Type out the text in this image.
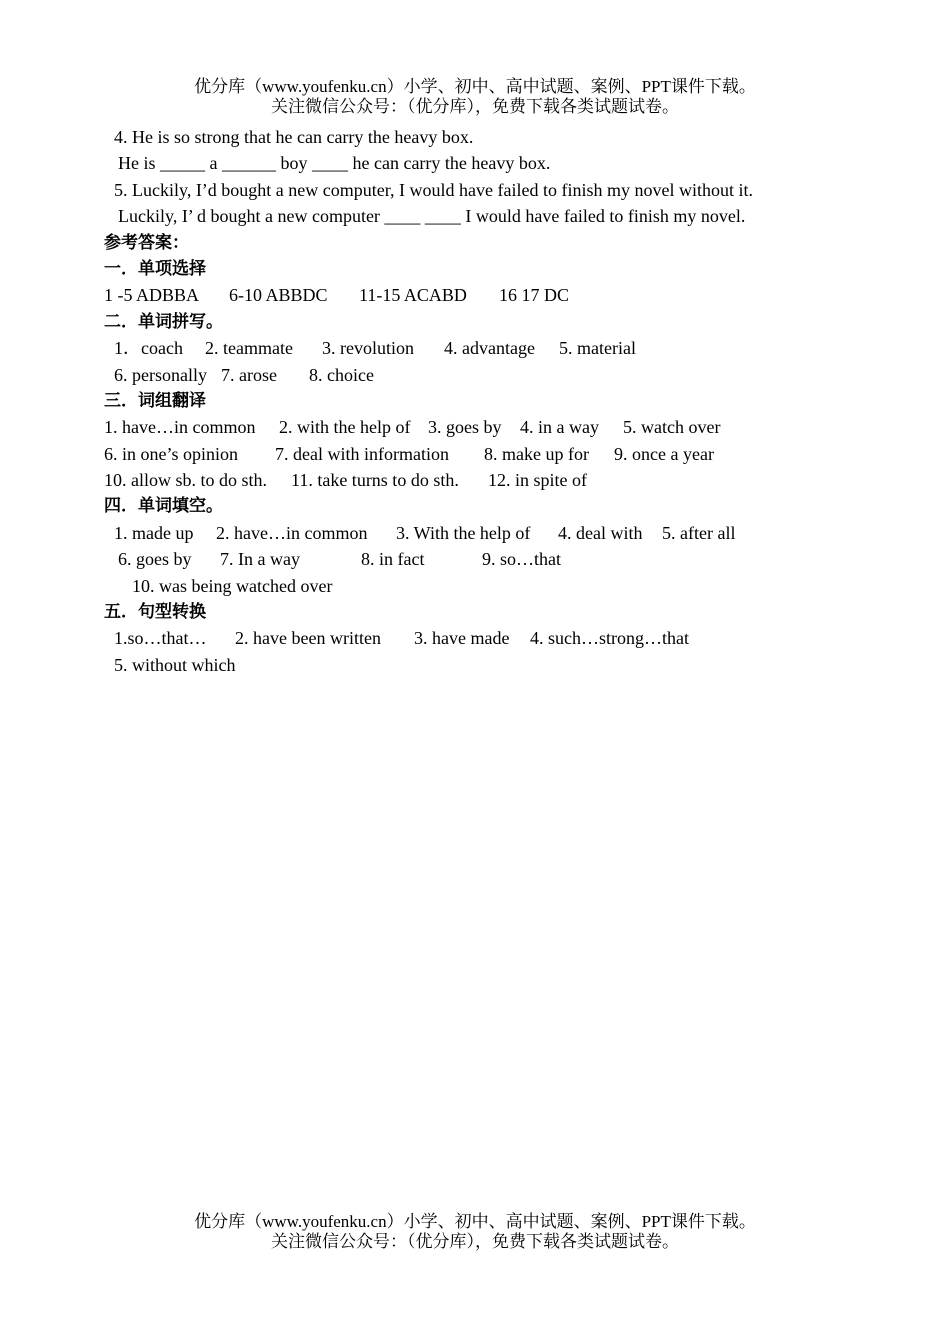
优分库（www.youfenku.cn）小学、初中、高中试题、案例、PPT课件下载。
关注微信公众号：（优分库），免费下载各类试题试卷。
4. He is so strong that he can carry the heavy box.
He is _____ a ______ boy ____ he can carry the heavy box.
5. Luckily, I’d bought a new computer, I would have failed to finish my novel without it.
Luckily, I’ d bought a new computer ____ ____ I would have failed to finish my novel.
参考答案：
一．单项选择

1 -5 ADBBA

6-10 ABBDC

11-15 ACABD

16 17 DC

二．单词拼写。

1．coach

2. teammate

3. revolution

4. advantage

5. material

6. personally

7. arose

8. choice

三．词组翻译

1. have…in common

2. with the help of

3. goes by

4. in a way

5. watch over

6. in one’s opinion

7. deal with information

8. make up for

9. once a year

10. allow sb. to do sth.

11. take turns to do sth.

12. in spite of

四．单词填空。

1. made up

2. have…in common

3. With the help of

4. deal with

5. after all

6. goes by

7. In a way

	8. in fact

	9. so…that

10. was being watched over

五．句型转换

1.so…that…

2. have been written

3. have made

4. such…strong…that

5. without which

优分库（www.youfenku.cn）小学、初中、高中试题、案例、PPT课件下载。
关注微信公众号：（优分库），免费下载各类试题试卷。
